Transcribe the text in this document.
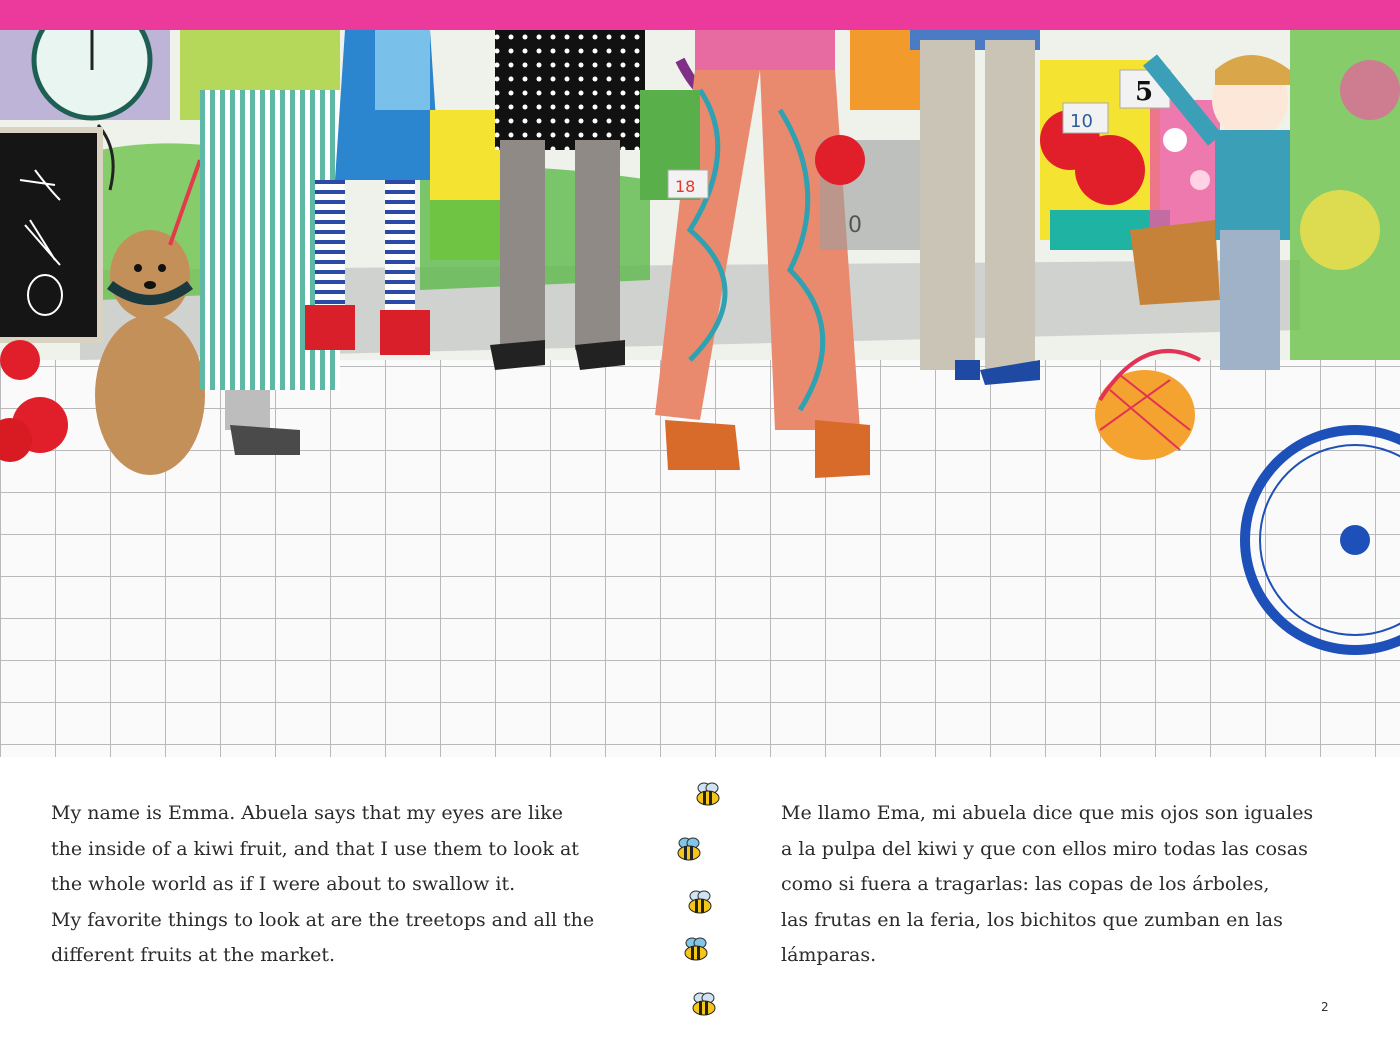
5
10
18
0
My name is Emma. Abuela says that my eyes are like
the inside of a kiwi fruit, and that I use them to look at
the whole world as if I were about to swallow it.
My favorite things to look at are the treetops and all the
different fruits at the market.
Me llamo Ema, mi abuela dice que mis ojos son iguales
a la pulpa del kiwi y que con ellos miro todas las cosas
como si fuera a tragarlas: las copas de los árboles,
las frutas en la feria, los bichitos que zumban en las
lámparas.
2
